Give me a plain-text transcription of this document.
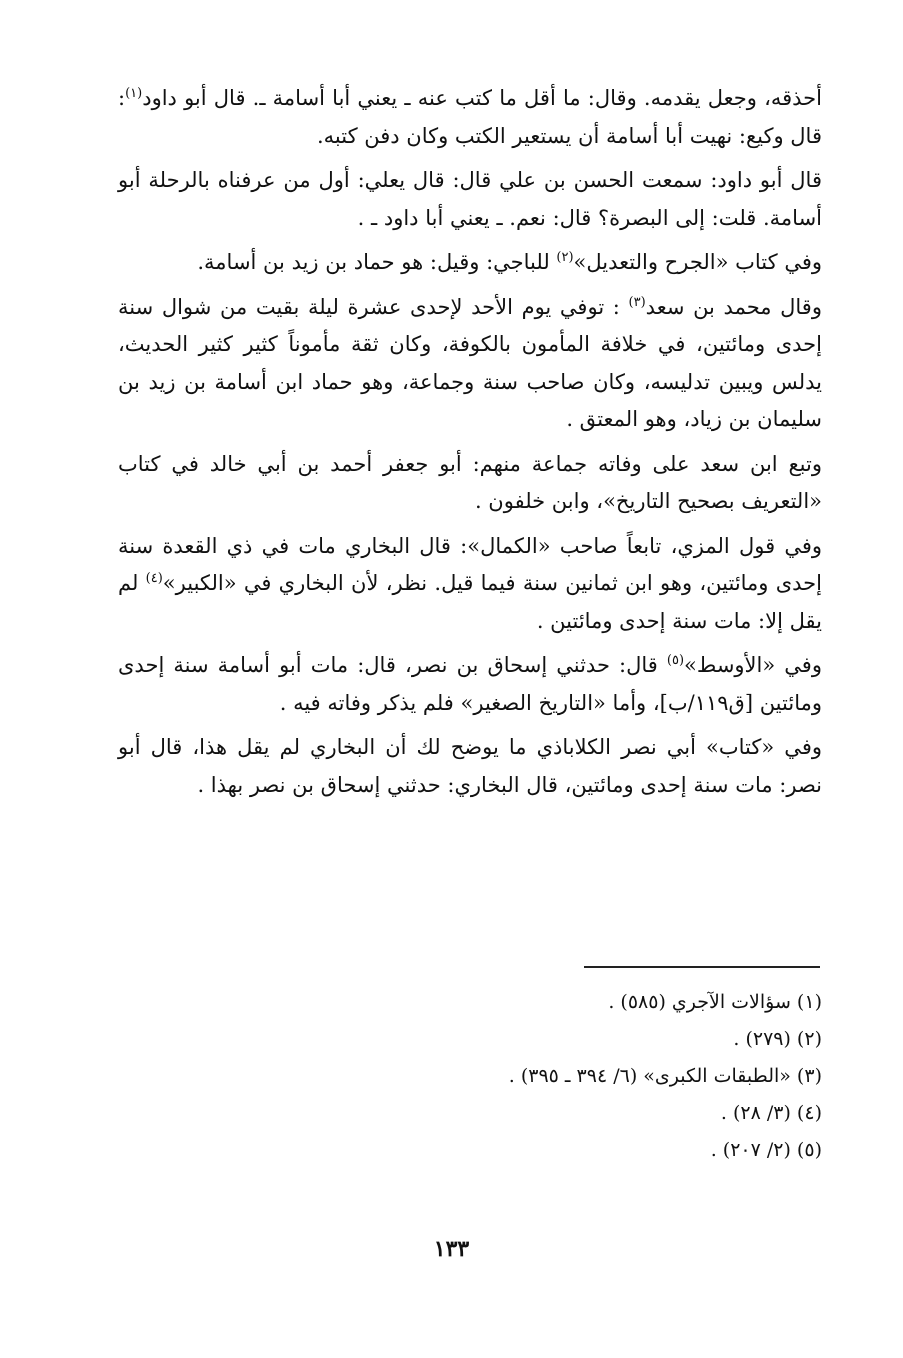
أحذقه، وجعل يقدمه. وقال: ما أقل ما كتب عنه ـ يعني أبا أسامة ـ. قال أبو داود$^{(١)}$: قال وكيع: نهيت أبا أسامة أن يستعير الكتب وكان دفن كتبه.

قال أبو داود: سمعت الحسن بن علي قال: قال يعلي: أول من عرفناه بالرحلة أبو أسامة. قلت: إلى البصرة؟ قال: نعم. ـ يعني أبا داود ـ .

وفي كتاب «الجرح والتعديل»$^{(٢)}$ للباجي: وقيل: هو حماد بن زيد بن أسامة.

وقال محمد بن سعد$^{(٣)}$ : توفي يوم الأحد لإحدى عشرة ليلة بقيت من شوال سنة إحدى ومائتين، في خلافة المأمون بالكوفة، وكان ثقة مأموناً كثير كثير الحديث، يدلس ويبين تدليسه، وكان صاحب سنة وجماعة، وهو حماد ابن أسامة بن زيد بن سليمان بن زياد، وهو المعتق .

وتبع ابن سعد على وفاته جماعة منهم: أبو جعفر أحمد بن أبي خالد في كتاب «التعريف بصحيح التاريخ»، وابن خلفون .

وفي قول المزي، تابعاً صاحب «الكمال»: قال البخاري مات في ذي القعدة سنة إحدى ومائتين، وهو ابن ثمانين سنة فيما قيل. نظر، لأن البخاري في «الكبير»$^{(٤)}$ لم يقل إلا: مات سنة إحدى ومائتين .

وفي «الأوسط»$^{(٥)}$ قال: حدثني إسحاق بن نصر، قال: مات أبو أسامة سنة إحدى ومائتين [ق١١٩/ب]، وأما «التاريخ الصغير» فلم يذكر وفاته فيه .

وفي «كتاب» أبي نصر الكلاباذي ما يوضح لك أن البخاري لم يقل هذا، قال أبو نصر: مات سنة إحدى ومائتين، قال البخاري: حدثني إسحاق بن نصر بهذا .

(١) سؤالات الآجري (٥٨٥) .
(٢) (٢٧٩) .
(٣) «الطبقات الكبرى» (٦/ ٣٩٤ ـ ٣٩٥) .
(٤) (٣/ ٢٨) .
(٥) (٢/ ٢٠٧) .
١٣٣
